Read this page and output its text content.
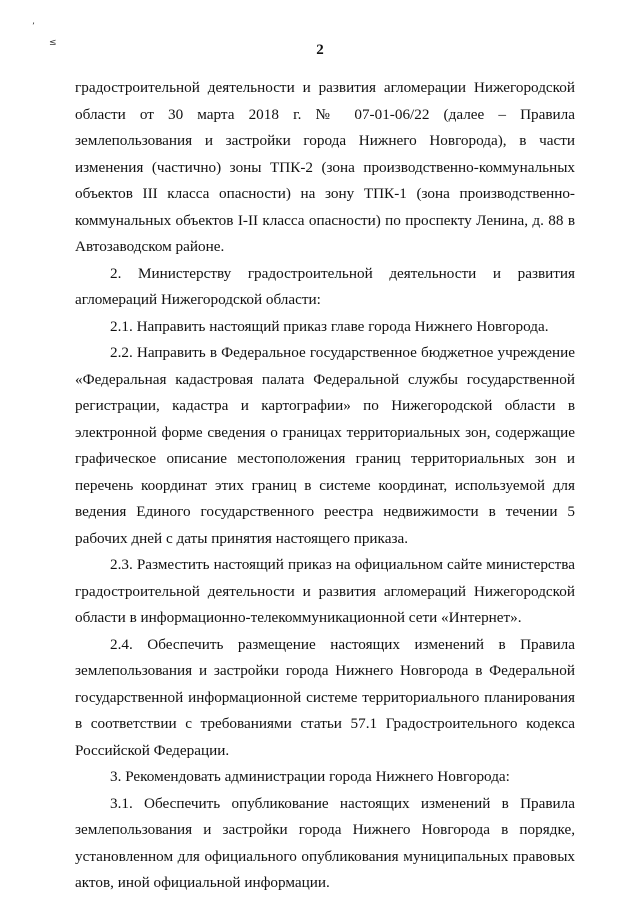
’
≤	2

градостроительной деятельности и развития агломерации Нижегородской области от 30 марта 2018 г. № 07-01-06/22 (далее – Правила землепользования и застройки города Нижнего Новгорода), в части изменения (частично) зоны ТПК-2 (зона производственно-коммунальных объектов III класса опасности) на зону ТПК-1 (зона производственно-коммунальных объектов I-II класса опасности) по проспекту Ленина, д. 88 в Автозаводском районе.

2. Министерству градостроительной деятельности и развития агломераций Нижегородской области:

2.1. Направить настоящий приказ главе города Нижнего Новгорода.

2.2. Направить в Федеральное государственное бюджетное учреждение «Федеральная кадастровая палата Федеральной службы государственной регистрации, кадастра и картографии» по Нижегородской области в электронной форме сведения о границах территориальных зон, содержащие графическое описание местоположения границ территориальных зон и перечень координат этих границ в системе координат, используемой для ведения Единого государственного реестра недвижимости в течении 5 рабочих дней с даты принятия настоящего приказа.

2.3. Разместить настоящий приказ на официальном сайте министерства градостроительной деятельности и развития агломераций Нижегородской области в информационно-телекоммуникационной сети «Интернет».

2.4. Обеспечить размещение настоящих изменений в Правила землепользования и застройки города Нижнего Новгорода в Федеральной государственной информационной системе территориального планирования в соответствии с требованиями статьи 57.1 Градостроительного кодекса Российской Федерации.

3. Рекомендовать администрации города Нижнего Новгорода:

3.1. Обеспечить опубликование настоящих изменений в Правила землепользования и застройки города Нижнего Новгорода в порядке, установленном для официального опубликования муниципальных правовых актов, иной официальной информации.
